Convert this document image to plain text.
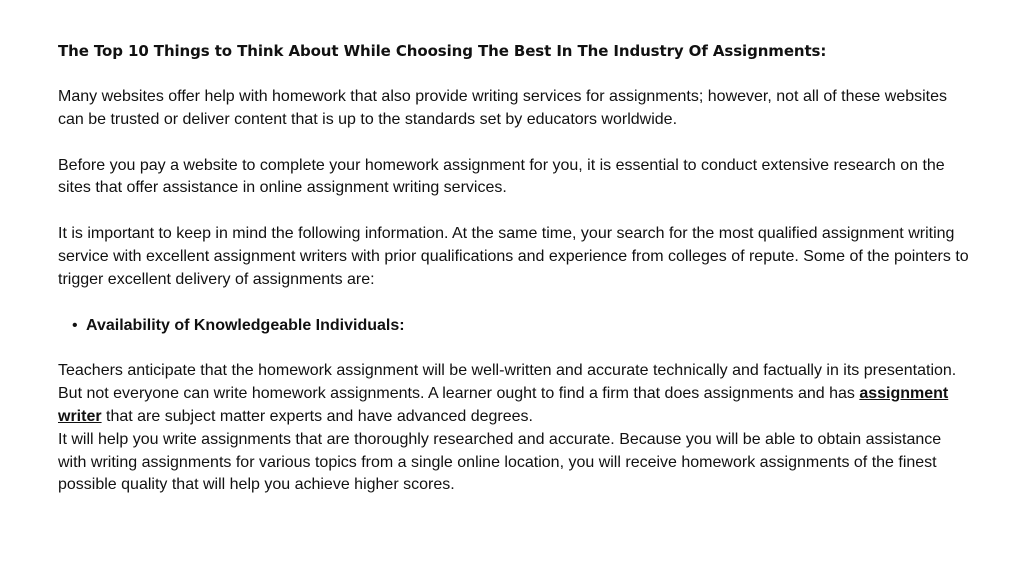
The Top 10 Things to Think About While Choosing The Best In The Industry Of Assignments:

Many websites offer help with homework that also provide writing services for assignments; however, not all of these websites can be trusted or deliver content that is up to the standards set by educators worldwide.

Before you pay a website to complete your homework assignment for you, it is essential to conduct extensive research on the sites that offer assistance in online assignment writing services.

It is important to keep in mind the following information. At the same time, your search for the most qualified assignment writing service with excellent assignment writers with prior qualifications and experience from colleges of repute. Some of the pointers to trigger excellent delivery of assignments are:

• Availability of Knowledgeable Individuals:

Teachers anticipate that the homework assignment will be well-written and accurate technically and factually in its presentation.

But not everyone can write homework assignments. A learner ought to find a firm that does assignments and has assignment writer that are subject matter experts and have advanced degrees.

It will help you write assignments that are thoroughly researched and accurate. Because you will be able to obtain assistance with writing assignments for various topics from a single online location, you will receive homework assignments of the finest possible quality that will help you achieve higher scores.
